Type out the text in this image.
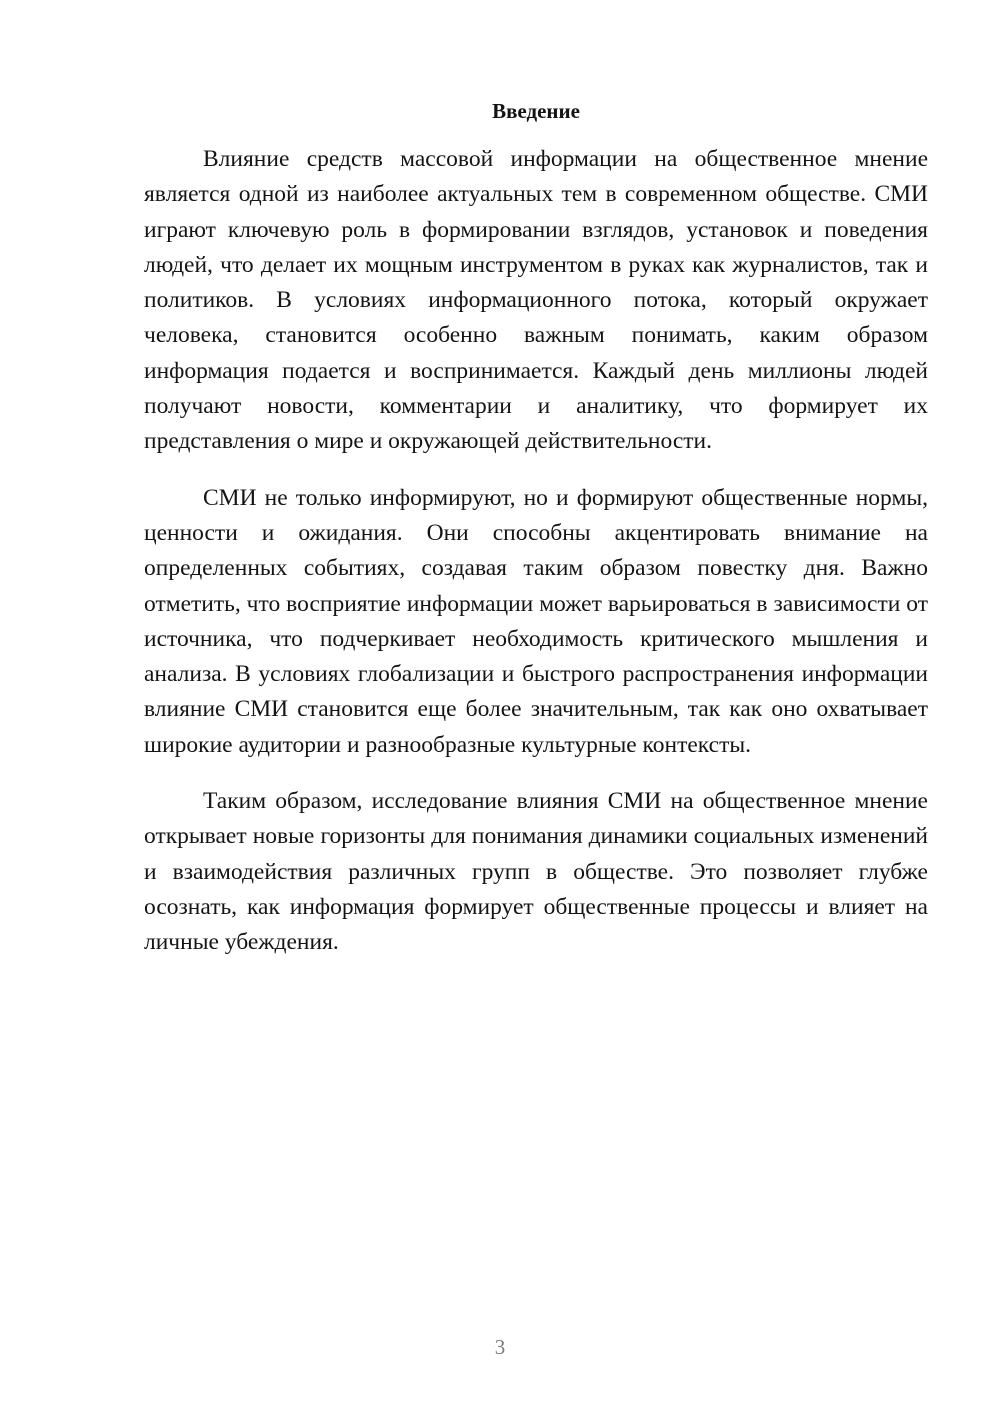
Введение

Влияние средств массовой информации на общественное мнение является одной из наиболее актуальных тем в современном обществе. СМИ играют ключевую роль в формировании взглядов, установок и поведения людей, что делает их мощным инструментом в руках как журналистов, так и политиков. В условиях информационного потока, который окружает человека, становится особенно важным понимать, каким образом информация подается и воспринимается. Каждый день миллионы людей получают новости, комментарии и аналитику, что формирует их представления о мире и окружающей действительности.

СМИ не только информируют, но и формируют общественные нормы, ценности и ожидания. Они способны акцентировать внимание на определенных событиях, создавая таким образом повестку дня. Важно отметить, что восприятие информации может варьироваться в зависимости от источника, что подчеркивает необходимость критического мышления и анализа. В условиях глобализации и быстрого распространения информации влияние СМИ становится еще более значительным, так как оно охватывает широкие аудитории и разнообразные культурные контексты.

Таким образом, исследование влияния СМИ на общественное мнение открывает новые горизонты для понимания динамики социальных изменений и взаимодействия различных групп в обществе. Это позволяет глубже осознать, как информация формирует общественные процессы и влияет на личные убеждения.

3
